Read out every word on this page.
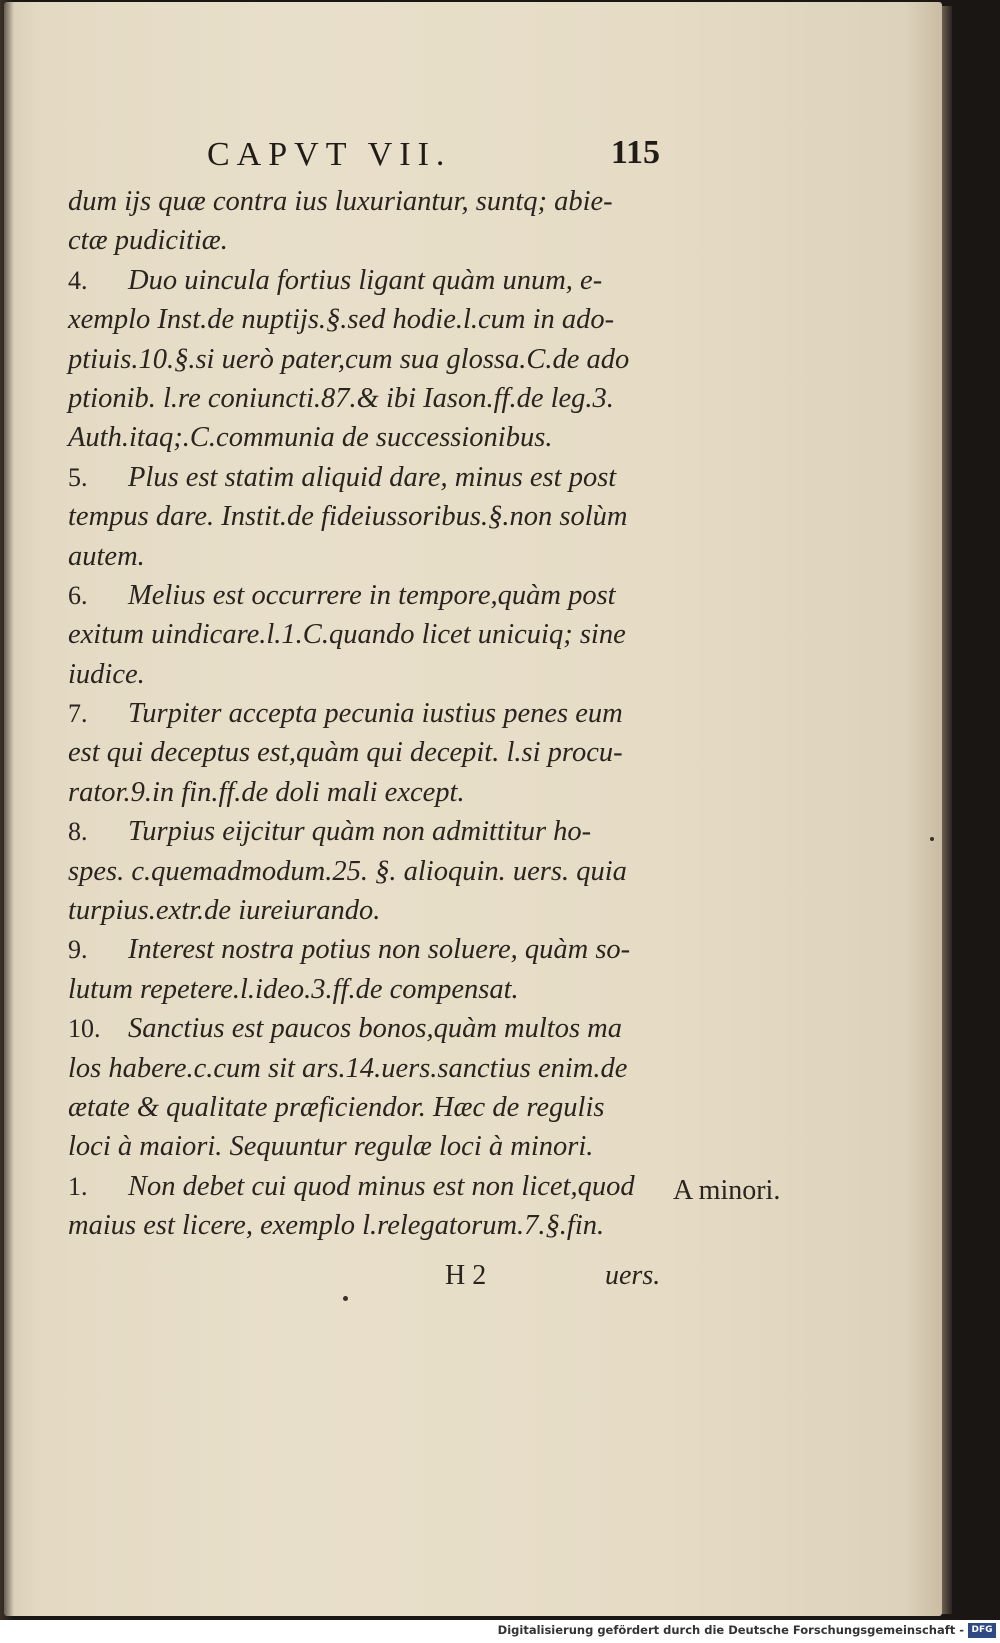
CAPVT VII.	115
dum ijs quæ contra ius luxuriantur, suntq; abie-
ctæ pudicitiæ.
4. Duo uincula fortius ligant quàm unum, e-
xemplo Inst.de nuptijs.§.sed hodie.l.cum in ado-
ptiuis.10.§.si uerò pater,cum sua glossa.C.de ado
ptionib. l.re coniuncti.87.& ibi Iason.ff.de leg.3.
Auth.itaq;.C.communia de successionibus.
5. Plus est statim aliquid dare, minus est post
tempus dare. Instit.de fideiussoribus.§.non solùm
autem.
6. Melius est occurrere in tempore,quàm post
exitum uindicare.l.1.C.quando licet unicuiq; sine
iudice.
7. Turpiter accepta pecunia iustius penes eum
est qui deceptus est,quàm qui decepit. l.si procu-
rator.9.in fin.ff.de doli mali except.
8. Turpius eijcitur quàm non admittitur ho-
spes. c.quemadmodum.25. §. alioquin. uers. quia
turpius.extr.de iureiurando.
9. Interest nostra potius non soluere, quàm so-
lutum repetere.l.ideo.3.ff.de compensat.
10. Sanctius est paucos bonos,quàm multos ma
los habere.c.cum sit ars.14.uers.sanctius enim.de
ætate & qualitate præficiendor. Hæc de regulis
loci à maiori. Sequuntur regulæ loci à minori.
1. Non debet cui quod minus est non licet,quod
maius est licere, exemplo l.relegatorum.7.§.fin.
A minori.
H 2	uers.
Digitalisierung gefördert durch die Deutsche Forschungsgemeinschaft - DFG
